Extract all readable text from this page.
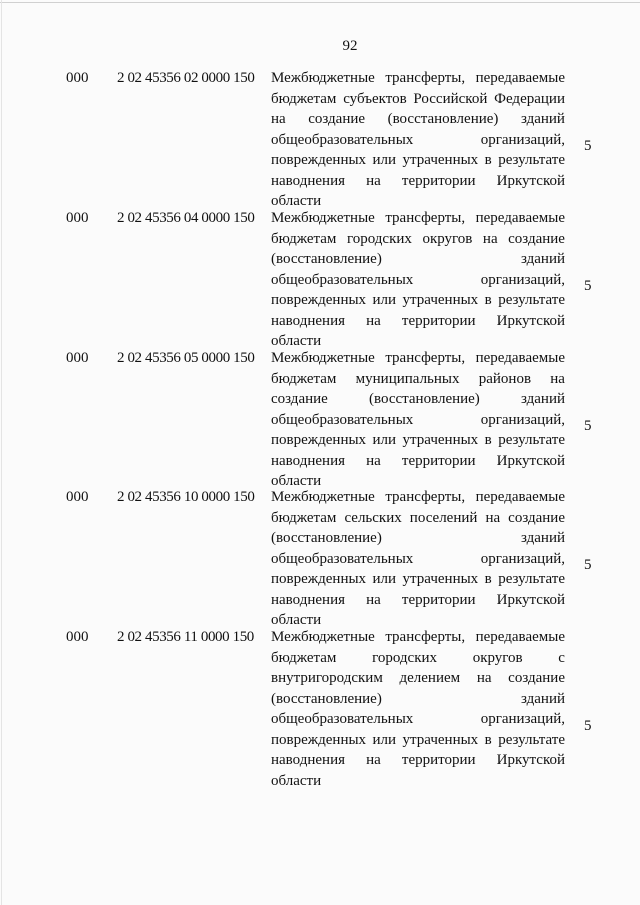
92
000 2 02 45356 02 0000 150 Межбюджетные трансферты, передаваемые
бюджетам субъектов Российской Федерации
на создание (восстановление) зданий
общеобразовательных	организаций,
поврежденных или утраченных в результате
наводнения на территории Иркутской
области
5
000 2 02 45356 04 0000 150 Межбюджетные трансферты, передаваемые
бюджетам городских округов на создание
(восстановление)	зданий
общеобразовательных	организаций,
поврежденных или утраченных в результате
наводнения на территории Иркутской
области
5
000 2 02 45356 05 0000 150 Межбюджетные трансферты, передаваемые
бюджетам муниципальных районов на
создание	(восстановление)	зданий
общеобразовательных	организаций,
поврежденных или утраченных в результате
наводнения на территории Иркутской
области
5
000 2 02 45356 10 0000 150 Межбюджетные трансферты, передаваемые
бюджетам сельских поселений на создание
(восстановление)	зданий
общеобразовательных	организаций,
поврежденных или утраченных в результате
наводнения на территории Иркутской
области
5
000 2 02 45356 11 0000 150 Межбюджетные трансферты, передаваемые
бюджетам городских округов с
внутригородским делением на создание
(восстановление)	зданий
общеобразовательных	организаций,
поврежденных или утраченных в результате
наводнения на территории Иркутской
области
5
